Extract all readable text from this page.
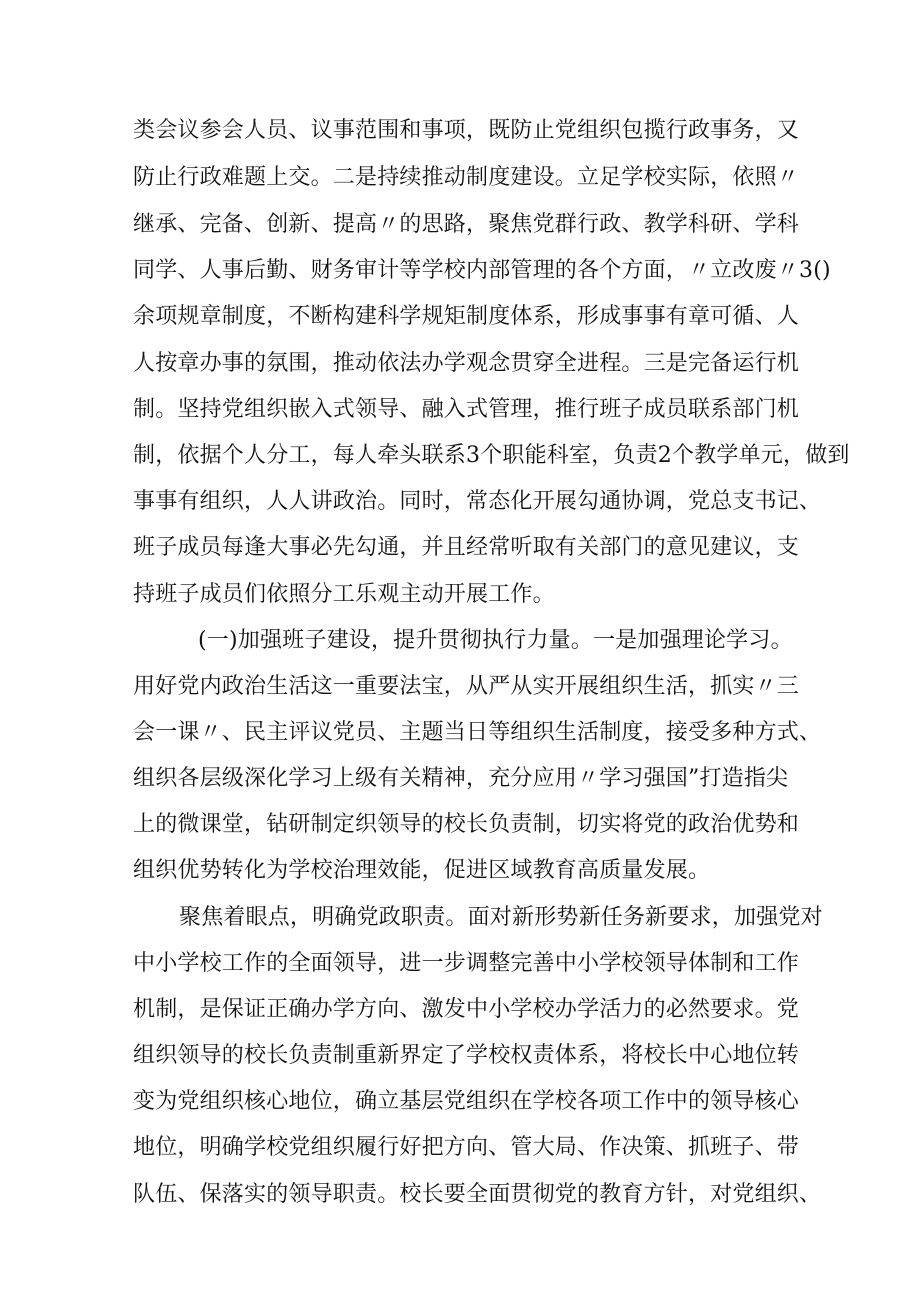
类会议参会人员、议事范围和事项，既防止党组织包揽行政事务，又
防止行政难题上交。二是持续推动制度建设。立足学校实际，依照〃
继承、完备、创新、提高〃的思路，聚焦党群行政、教学科研、学科
同学、人事后勤、财务审计等学校内部管理的各个方面，〃立改废〃3()
余项规章制度，不断构建科学规矩制度体系，形成事事有章可循、人
人按章办事的氛围，推动依法办学观念贯穿全进程。三是完备运行机
制。坚持党组织嵌入式领导、融入式管理，推行班子成员联系部门机
制，依据个人分工，每人牵头联系3个职能科室，负责2个教学单元，做到
事事有组织，人人讲政治。同时，常态化开展勾通协调，党总支书记、
班子成员每逢大事必先勾通，并且经常听取有关部门的意见建议，支
持班子成员们依照分工乐观主动开展工作。
(一)加强班子建设，提升贯彻执行力量。一是加强理论学习。
用好党内政治生活这一重要法宝，从严从实开展组织生活，抓实〃三
会一课〃、民主评议党员、主题当日等组织生活制度，接受多种方式、
组织各层级深化学习上级有关精神，充分应用〃学习强国”打造指尖
上的微课堂，钻研制定织领导的校长负责制，切实将党的政治优势和
组织优势转化为学校治理效能，促进区域教育高质量发展。
聚焦着眼点，明确党政职责。面对新形势新任务新要求，加强党对
中小学校工作的全面领导，进一步调整完善中小学校领导体制和工作
机制，是保证正确办学方向、激发中小学校办学活力的必然要求。党
组织领导的校长负责制重新界定了学校权责体系，将校长中心地位转
变为党组织核心地位，确立基层党组织在学校各项工作中的领导核心
地位，明确学校党组织履行好把方向、管大局、作决策、抓班子、带
队伍、保落实的领导职责。校长要全面贯彻党的教育方针，对党组织、
